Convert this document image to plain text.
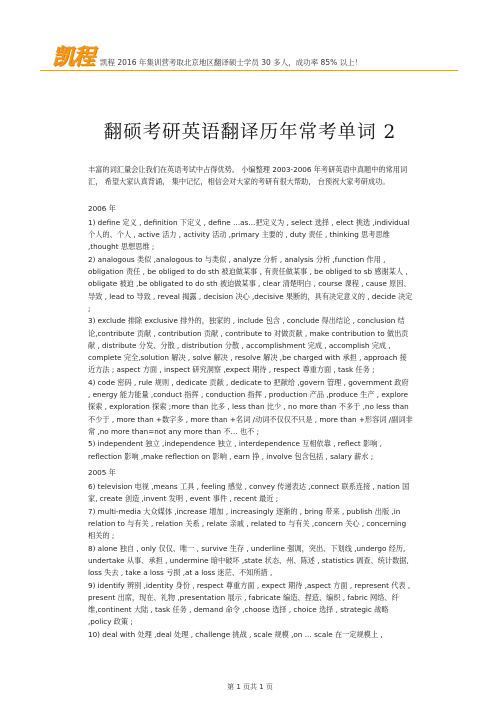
凯程 凯程 2016 年集训营考取北京地区翻译硕士学员 30 多人，成功率 85% 以上！
翻硕考研英语翻译历年常考单词 2

丰富的词汇量会让我们在英语考试中占得优势。 小编整理 2003-2006 年考研英语中真题中的常用词汇， 希望大家认真背诵， 集中记忆，相信会对大家的考研有很大帮助， 台预祝大家考研成功。

2006 年

1) define 定义 , definition 下定义 , define …as…把定义为 , select 选择 , elect 挑选 ,individual 个人的、个人 , active 活力 , activity 活动 ,primary 主要的 , duty 责任 , thinking 思考思维 ,thought 思想思维 ;

2) analogous 类似 ,analogous to 与类似 , analyze 分析 , analysis 分析 ,function 作用 , obligation 责任 , be obliged to do sth 被迫做某事 , 有责任做某事 , be obliged to sb 感谢某人 , obligate 被迫 ,be obligated to do sth 被迫做某事 , clear 清楚明白 , course 课程 , cause 原因、导致 , lead to 导致 , reveal 揭露 , decision 决心 ,decisive 果断的，具有决定意义的 , decide 决定 ;

3) exclude 排除 exclusive 排外的，独家的 , include 包含 , conclude 得出结论 , conclusion 结论,contribute 贡献 , contribution 贡献 , contribute to 对做贡献 , make contribution to 做出贡献 , distribute 分发、分散 , distribution 分散 , accomplishment 完成 , accomplish 完成 , complete 完全,solution 解决 , solve 解决 , resolve 解决 ,be charged with 承担 , approach 接近方法 ; aspect 方面 , inspect 研究洞察 ,expect 期待 , respect 尊重方面 , task 任务 ;

4) code 密码 , rule 规则 , dedicate 贡献 , dedicate to 把献给 ,govern 管理 , government 政府 , energy 能力能量 ,conduct 指挥 , conduction 指挥 , production 产品 ,produce 生产 , explore 探索 , exploration 探索 ;more than 比多 , less than 比少 , no more than 不多于 ,no less than 不少于 , more than +数字多 , more than +名词 /动词不仅仅不只是 , more than +形容词 /副词非常 ,no more than=not any more than 不… 也不 ;

5) independent 独立 ,independence 独立 , interdependence 互相依靠 , reflect 影响 , reflection 影响 ,make reflection on 影响 , earn 挣 , involve 包含包括 , salary 薪水 ;

2005 年

6) television 电视 ,means 工具 , feeling 感觉 , convey 传递表达 ,connect 联系连接 , nation 国家, create 创造 ,invent 发明 , event 事件 , recent 最近 ;

7) multi-media 大众媒体 ,increase 增加 , increasingly 逐渐的 , bring 带来 , publish 出版 ,in relation to 与有关 , relation 关系 , relate 亲戚 , related to 与有关 ,concern 关心 , concerning 相关的 ;

8) alone 独自 , only 仅仅、唯一 , survive 生存 , underline 强调，突出、下划线 ,undergo 经历, undertake 从事、承担 , undermine 暗中破坏 ,state 状态、州、陈述 , statistics 调查、统计数据, loss 失去 , take a loss 亏损 ,at a loss 迷茫、不知所措 ,

9) identify 辨别 ,identity 身份 , respect 尊重方面 , expect 期待 ,aspect 方面 , represent 代表 , present 出席，现在、礼物 ,presentation 展示 , fabricate 编造、捏造、编织 , fabric 网络、纤维,continent 大陆 , task 任务 , demand 命令 ,choose 选择 , choice 选择 , strategic 战略 ,policy 政策 ;

10) deal with 处理 ,deal 处理 , challenge 挑战 , scale 规模 ,on … scale 在一定规模上 ,

第 1 页共 1 页
